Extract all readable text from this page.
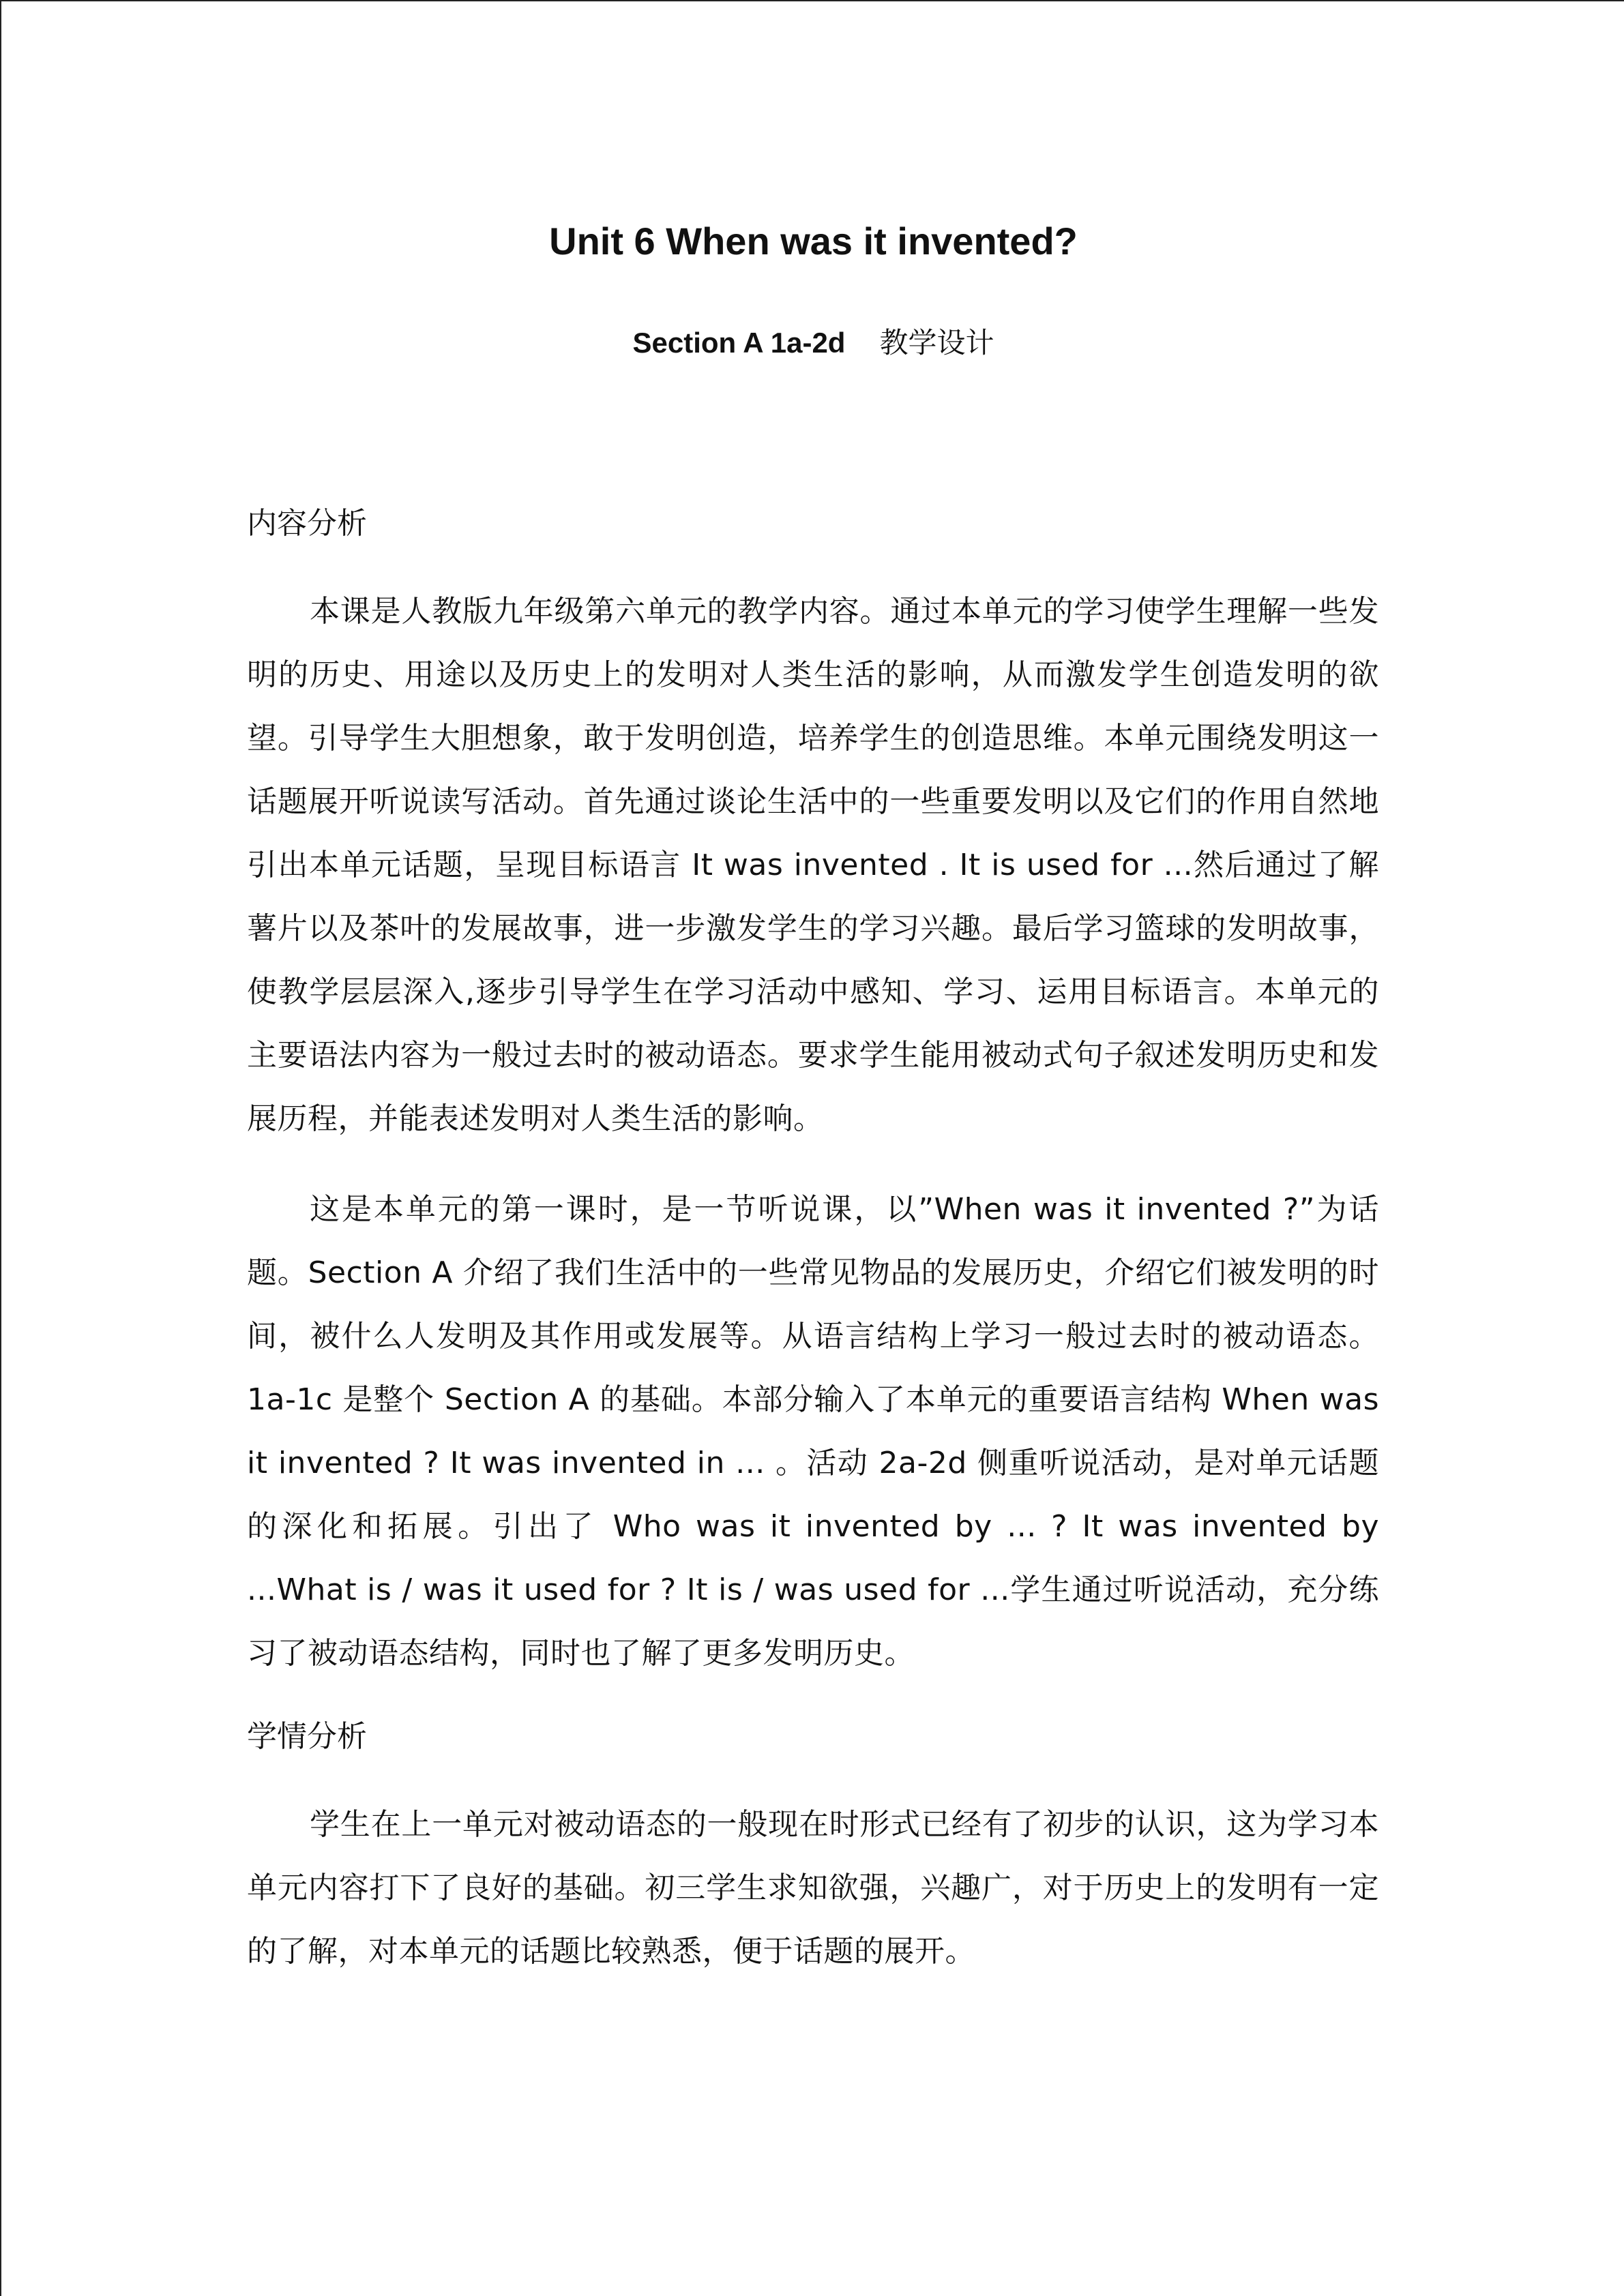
Unit 6 When was it invented?
Section A 1a-2d 教学设计
内容分析

本课是人教版九年级第六单元的教学内容。通过本单元的学习使学生理解一些发明的历史、用途以及历史上的发明对人类生活的影响，从而激发学生创造发明的欲望。引导学生大胆想象，敢于发明创造，培养学生的创造思维。本单元围绕发明这一话题展开听说读写活动。首先通过谈论生活中的一些重要发明以及它们的作用自然地引出本单元话题，呈现目标语言 It was invented . It is used for ...然后通过了解薯片以及茶叶的发展故事，进一步激发学生的学习兴趣。最后学习篮球的发明故事，使教学层层深入,逐步引导学生在学习活动中感知、学习、运用目标语言。本单元的主要语法内容为一般过去时的被动语态。要求学生能用被动式句子叙述发明历史和发展历程，并能表述发明对人类生活的影响。

这是本单元的第一课时，是一节听说课，以”When was it invented ?”为话题。Section A 介绍了我们生活中的一些常见物品的发展历史，介绍它们被发明的时间，被什么人发明及其作用或发展等。从语言结构上学习一般过去时的被动语态。1a-1c 是整个 Section A 的基础。本部分输入了本单元的重要语言结构 When was it invented ? It was invented in ... 。活动 2a-2d 侧重听说活动，是对单元话题的深化和拓展。引出了 Who was it invented by ... ? It was invented by ...What is / was it used for ? It is / was used for ...学生通过听说活动，充分练习了被动语态结构，同时也了解了更多发明历史。

学情分析

学生在上一单元对被动语态的一般现在时形式已经有了初步的认识，这为学习本单元内容打下了良好的基础。初三学生求知欲强，兴趣广，对于历史上的发明有一定的了解，对本单元的话题比较熟悉，便于话题的展开。
